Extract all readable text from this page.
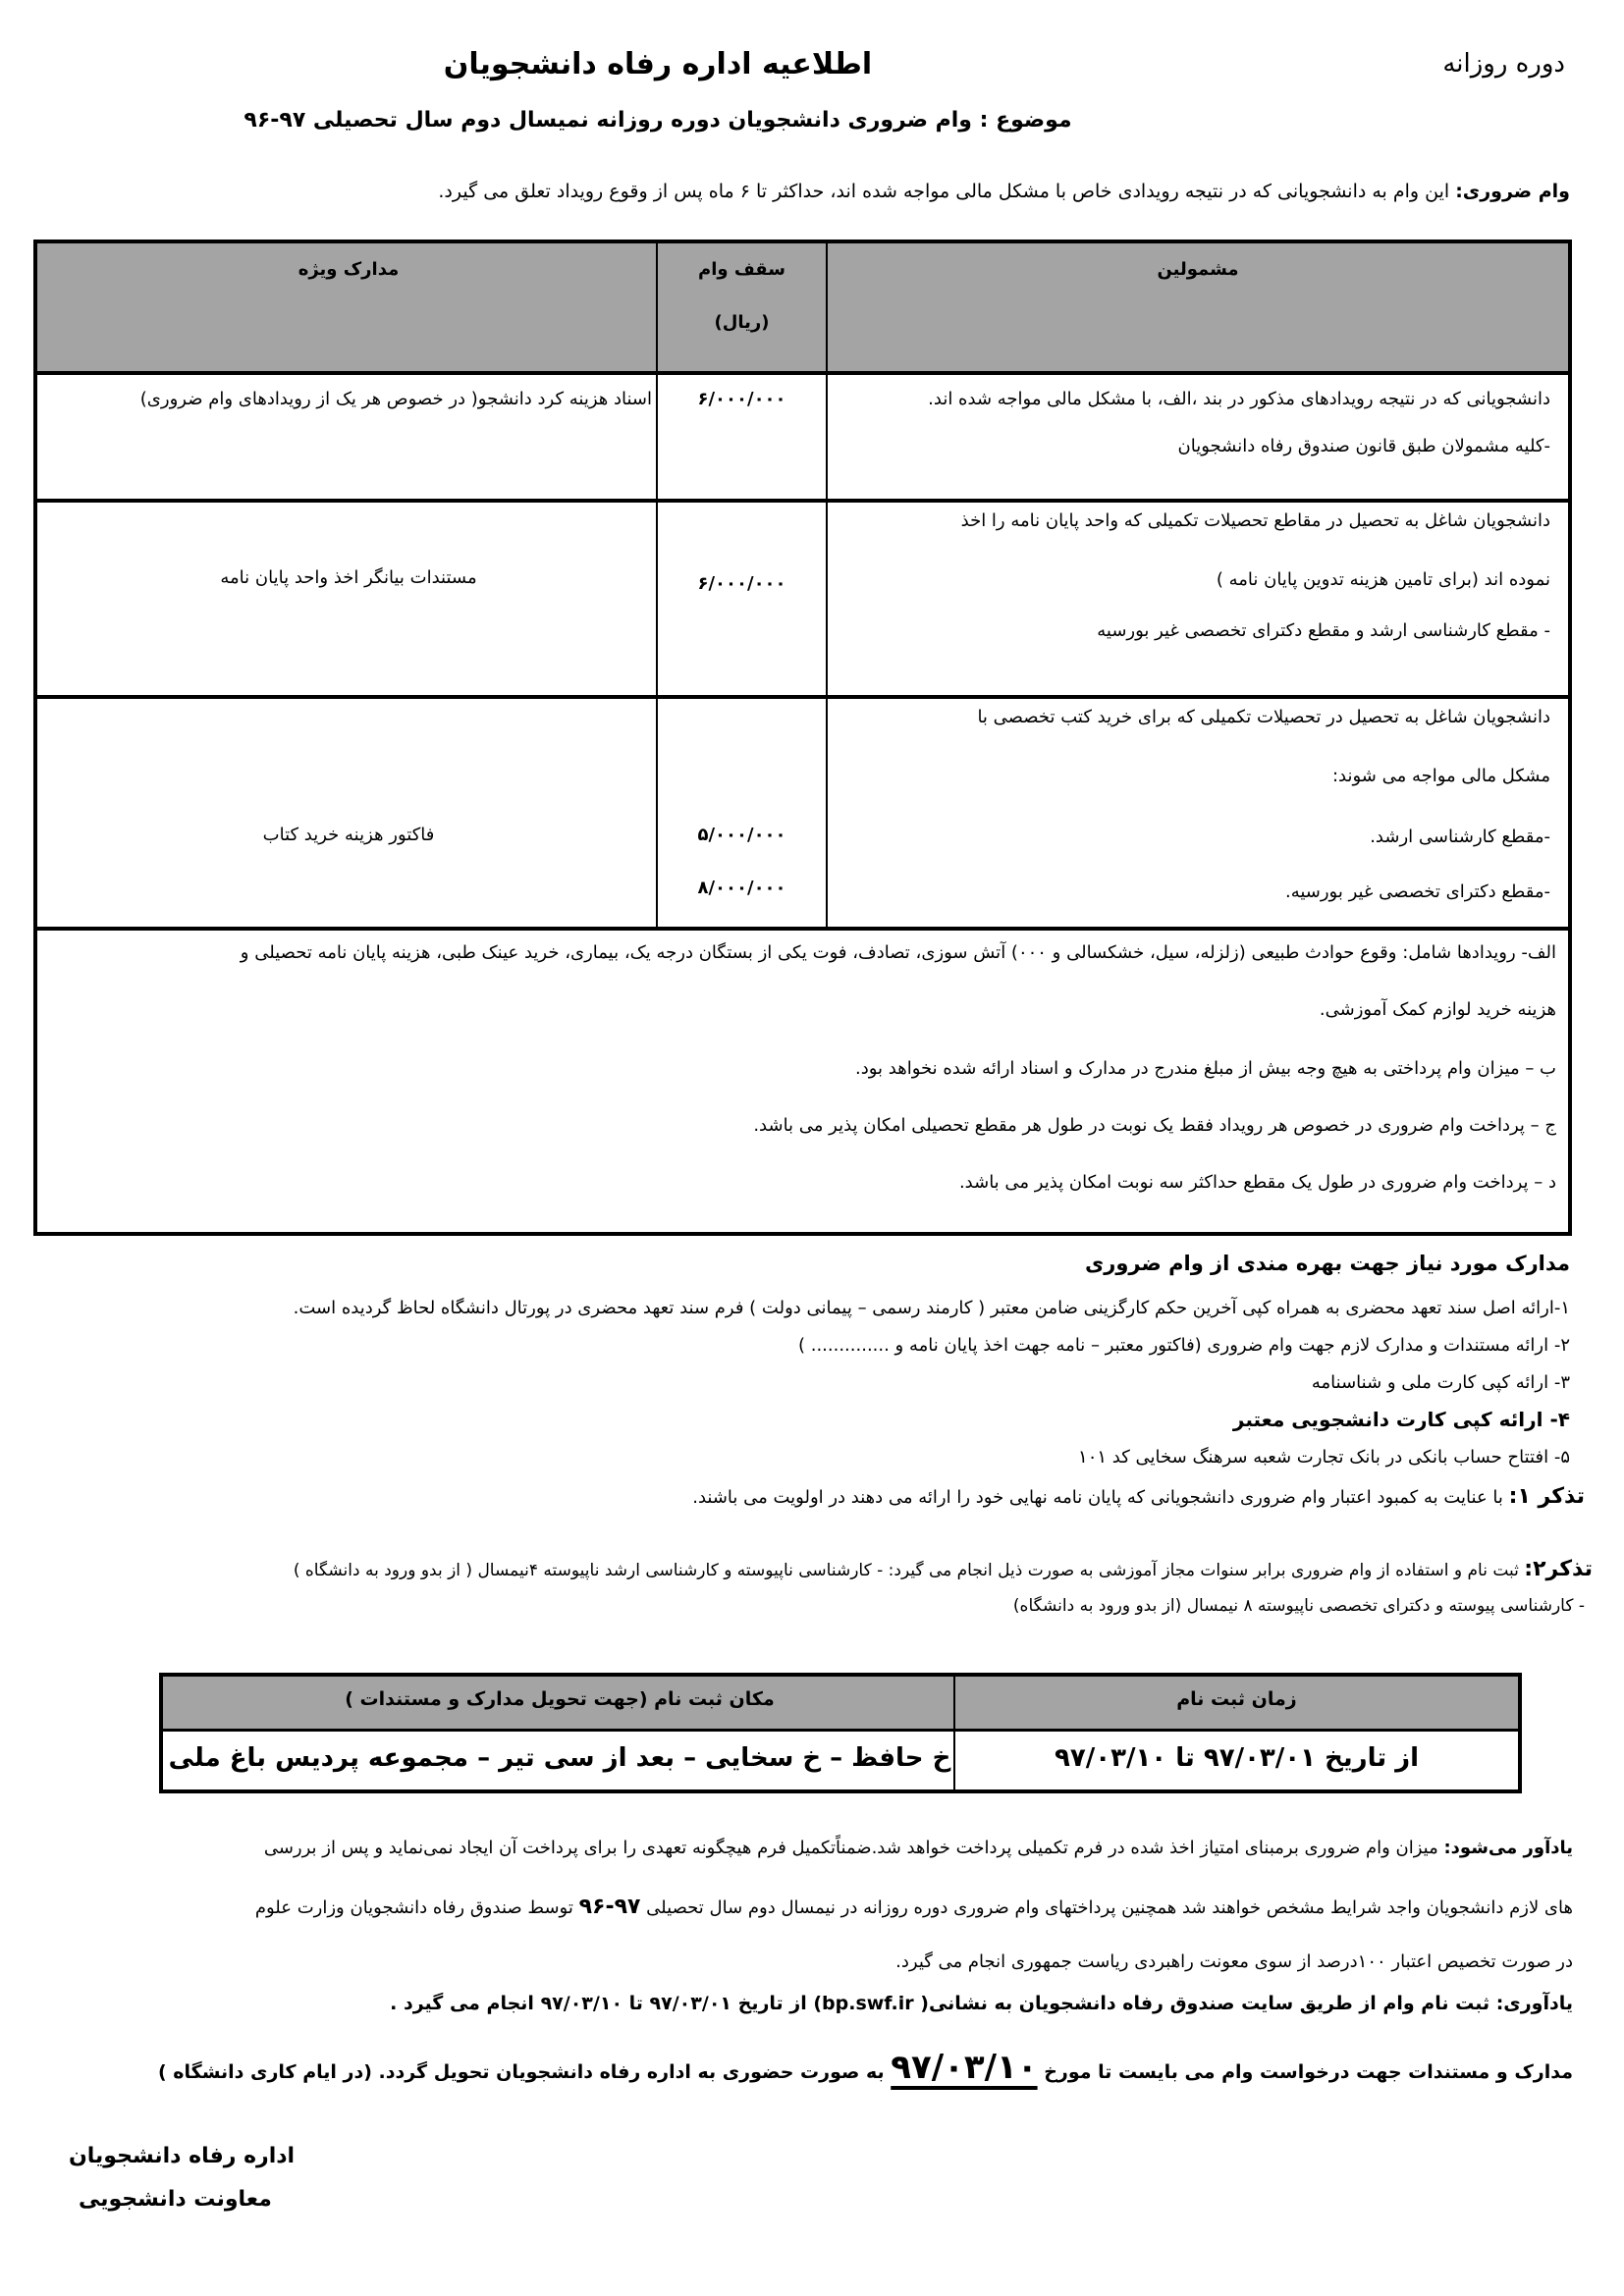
دوره روزانه
اطلاعیه اداره رفاه دانشجویان
موضوع : وام ضروری دانشجویان دوره روزانه نمیسال دوم سال تحصیلی ۹۷-۹۶
وام ضروری: این وام به دانشجویانی که در نتیجه رویدادی خاص با مشکل مالی مواجه شده اند، حداکثر تا ۶ ماه پس از وقوع رویداد تعلق می گیرد.
مشمولین
سقف وام
(ریال)
مدارک ویژه
دانشجویانی که در نتیجه رویدادهای مذکور در بند ،الف، با مشکل مالی مواجه شده اند.
-کلیه مشمولان طبق قانون صندوق رفاه دانشجویان
۶/۰۰۰/۰۰۰
اسناد هزینه کرد دانشجو( در خصوص هر یک از رویدادهای وام ضروری)
دانشجویان شاغل به تحصیل در مقاطع تحصیلات تکمیلی که واحد پایان نامه را اخذ
نموده اند (برای تامین هزینه تدوین پایان نامه )
- مقطع کارشناسی ارشد و مقطع دکترای تخصصی غیر بورسیه
۶/۰۰۰/۰۰۰
مستندات بیانگر اخذ واحد پایان نامه
دانشجویان شاغل به تحصیل در تحصیلات تکمیلی که برای خرید کتب تخصصی با
مشکل مالی مواجه می شوند:
-مقطع کارشناسی ارشد.
-مقطع دکترای تخصصی غیر بورسیه.
۵/۰۰۰/۰۰۰
۸/۰۰۰/۰۰۰
فاکتور هزینه خرید کتاب
الف- رویدادها شامل: وقوع حوادث طبیعی (زلزله، سیل، خشکسالی و ۰۰۰) آتش سوزی، تصادف، فوت یکی از بستگان درجه یک، بیماری، خرید عینک طبی، هزینه پایان نامه تحصیلی و
هزینه خرید لوازم کمک آموزشی.
ب – میزان وام پرداختی به هیچ وجه بیش از مبلغ مندرج در مدارک و اسناد ارائه شده نخواهد بود.
ج – پرداخت وام ضروری در خصوص هر رویداد فقط یک نوبت در طول هر مقطع تحصیلی امکان پذیر می باشد.
د – پرداخت وام ضروری در طول یک مقطع حداکثر سه نوبت امکان پذیر می باشد.
مدارک مورد نیاز جهت بهره مندی از وام ضروری
۱-ارائه اصل سند تعهد محضری به همراه کپی آخرین حکم کارگزینی ضامن معتبر ( کارمند رسمی – پیمانی دولت ) فرم سند تعهد محضری در پورتال دانشگاه لحاظ گردیده است.
۲- ارائه مستندات و مدارک لازم جهت وام ضروری (فاکتور معتبر – نامه جهت اخذ پایان نامه و .............. )
۳- ارائه کپی کارت ملی و شناسنامه
۴- ارائه کپی کارت دانشجویی معتبر
۵- افتتاح حساب بانکی در بانک تجارت شعبه سرهنگ سخایی کد ۱۰۱
تذکر ۱: با عنایت به کمبود اعتبار وام ضروری دانشجویانی که پایان نامه نهایی خود را ارائه می دهند در اولویت می باشند.
تذکر۲: ثبت نام و استفاده از وام ضروری برابر سنوات مجاز آموزشی به صورت ذیل انجام می گیرد: - کارشناسی ناپیوسته و کارشناسی ارشد ناپیوسته ۴نیمسال ( از بدو ورود به دانشگاه )
- کارشناسی پیوسته و دکترای تخصصی ناپیوسته ۸ نیمسال (از بدو ورود به دانشگاه)
زمان ثبت نام
مکان ثبت نام (جهت تحویل مدارک و مستندات )
از تاریخ ۹۷/۰۳/۰۱ تا ۹۷/۰۳/۱۰
خ حافظ – خ سخایی – بعد از سی تیر – مجموعه پردیس باغ ملی
یادآور می‌شود: میزان وام ضروری برمبنای امتیاز اخذ شده در فرم تکمیلی پرداخت خواهد شد.ضمناًتکمیل فرم هیچگونه تعهدی را برای پرداخت آن ایجاد نمی‌نماید و پس از بررسی
های لازم دانشجویان واجد شرایط مشخص خواهند شد همچنین پرداختهای وام ضروری دوره روزانه در نیمسال دوم سال تحصیلی ۹۷-۹۶ توسط صندوق رفاه دانشجویان وزارت علوم
در صورت تخصیص اعتبار ۱۰۰درصد از سوی معونت راهبردی ریاست جمهوری انجام می گیرد.
یادآوری: ثبت نام وام از طریق سایت صندوق رفاه دانشجویان به نشانی( bp.swf.ir) از تاریخ ۹۷/۰۳/۰۱ تا ۹۷/۰۳/۱۰ انجام می گیرد .
مدارک و مستندات جهت درخواست وام می بایست تا مورخ ۹۷/۰۳/۱۰ به صورت حضوری به اداره رفاه دانشجویان تحویل گردد. (در ایام کاری دانشگاه )
اداره رفاه دانشجویان
معاونت دانشجویی
